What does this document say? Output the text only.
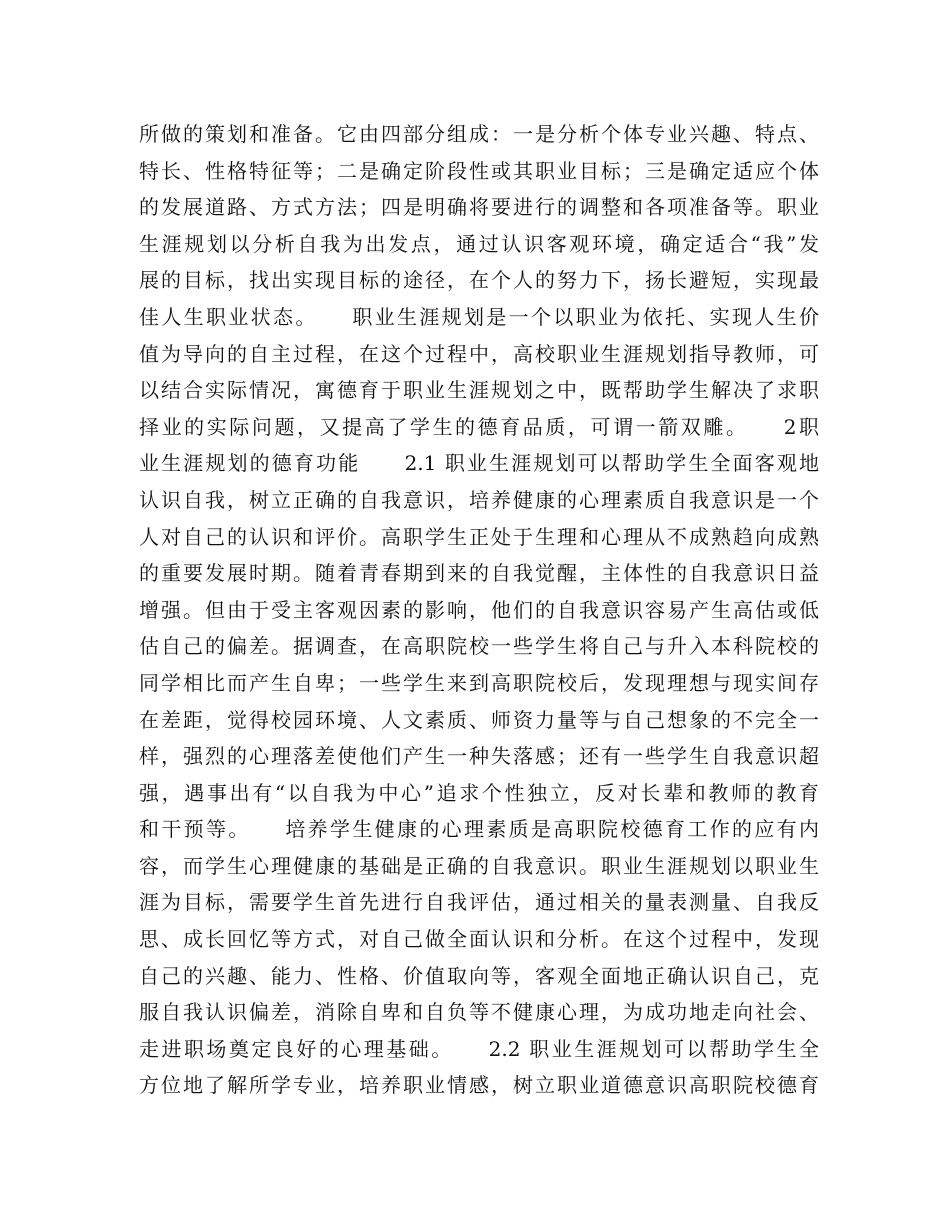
所做的策划和准备。它由四部分组成：一是分析个体专业兴趣、特点、
特长、性格特征等；二是确定阶段性或其职业目标；三是确定适应个体
的发展道路、方式方法；四是明确将要进行的调整和各项准备等。职业
生涯规划以分析自我为出发点，通过认识客观环境，确定适合“我”发
展的目标，找出实现目标的途径，在个人的努力下，扬长避短，实现最
佳人生职业状态。　　职业生涯规划是一个以职业为依托、实现人生价
值为导向的自主过程，在这个过程中，高校职业生涯规划指导教师，可
以结合实际情况，寓德育于职业生涯规划之中，既帮助学生解决了求职
择业的实际问题，又提高了学生的德育品质，可谓一箭双雕。　　2职
业生涯规划的德育功能　　2.1 职业生涯规划可以帮助学生全面客观地
认识自我，树立正确的自我意识，培养健康的心理素质自我意识是一个
人对自己的认识和评价。高职学生正处于生理和心理从不成熟趋向成熟
的重要发展时期。随着青春期到来的自我觉醒，主体性的自我意识日益
增强。但由于受主客观因素的影响，他们的自我意识容易产生高估或低
估自己的偏差。据调查，在高职院校一些学生将自己与升入本科院校的
同学相比而产生自卑；一些学生来到高职院校后，发现理想与现实间存
在差距，觉得校园环境、人文素质、师资力量等与自己想象的不完全一
样，强烈的心理落差使他们产生一种失落感；还有一些学生自我意识超
强，遇事出有“以自我为中心”追求个性独立，反对长辈和教师的教育
和干预等。　　培养学生健康的心理素质是高职院校德育工作的应有内
容，而学生心理健康的基础是正确的自我意识。职业生涯规划以职业生
涯为目标，需要学生首先进行自我评估，通过相关的量表测量、自我反
思、成长回忆等方式，对自己做全面认识和分析。在这个过程中，发现
自己的兴趣、能力、性格、价值取向等，客观全面地正确认识自己，克
服自我认识偏差，消除自卑和自负等不健康心理，为成功地走向社会、
走进职场奠定良好的心理基础。　　2.2 职业生涯规划可以帮助学生全
方位地了解所学专业，培养职业情感，树立职业道德意识高职院校德育
